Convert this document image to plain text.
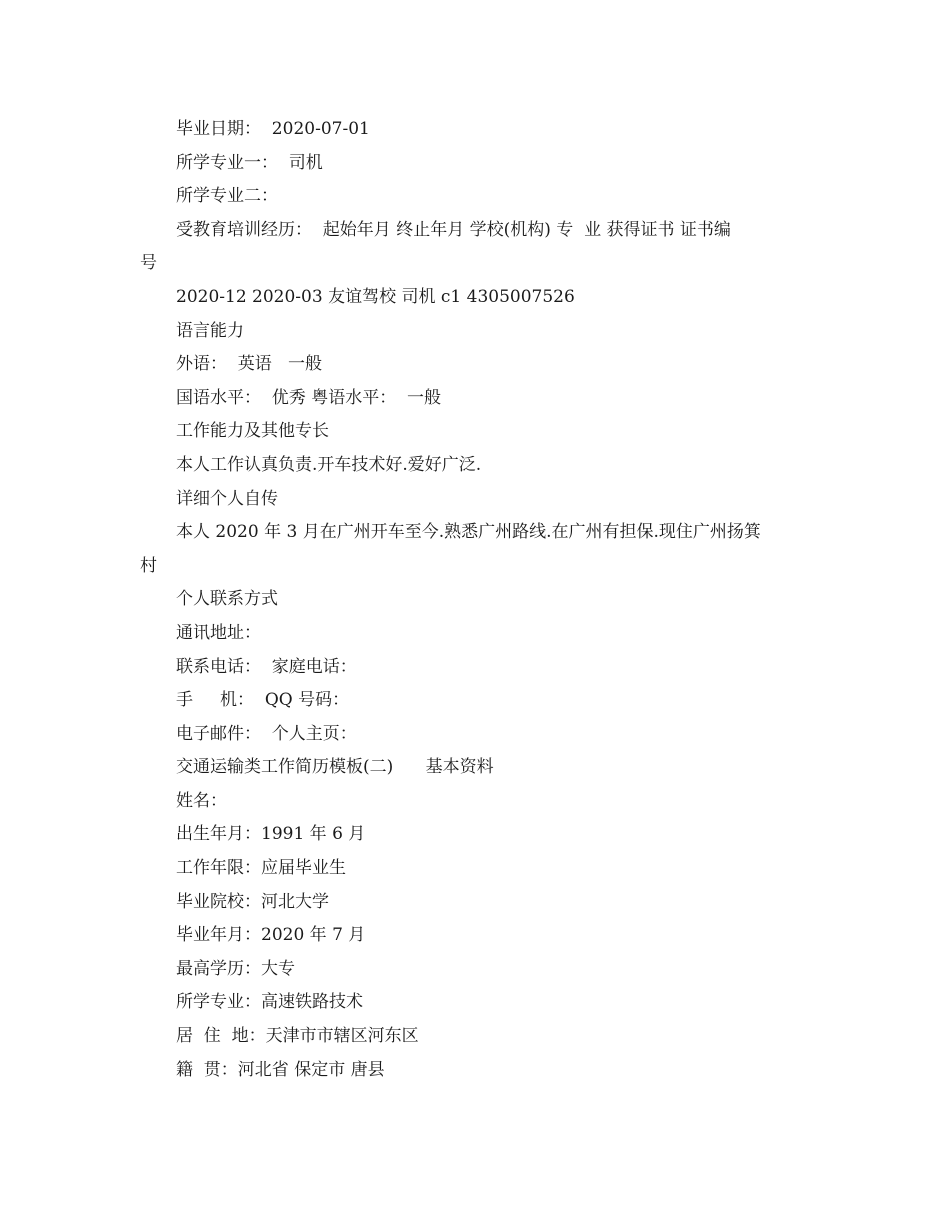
毕业日期：  2020-07-01
所学专业一：  司机
所学专业二：
受教育培训经历：  起始年月 终止年月 学校(机构) 专  业 获得证书 证书编
号
2020-12 2020-03 友谊驾校 司机 c1 4305007526
语言能力
外语：  英语   一般
国语水平：  优秀 粤语水平：  一般
工作能力及其他专长
本人工作认真负责.开车技术好.爱好广泛.
详细个人自传
本人 2020 年 3 月在广州开车至今.熟悉广州路线.在广州有担保.现住广州扬箕
村
个人联系方式
通讯地址：
联系电话：  家庭电话：
手     机：  QQ 号码：
电子邮件：  个人主页：
交通运输类工作简历模板(二)      基本资料
姓名：
出生年月：1991 年 6 月
工作年限：应届毕业生
毕业院校：河北大学
毕业年月：2020 年 7 月
最高学历：大专
所学专业：高速铁路技术
居  住  地：天津市市辖区河东区
籍  贯：河北省 保定市 唐县
